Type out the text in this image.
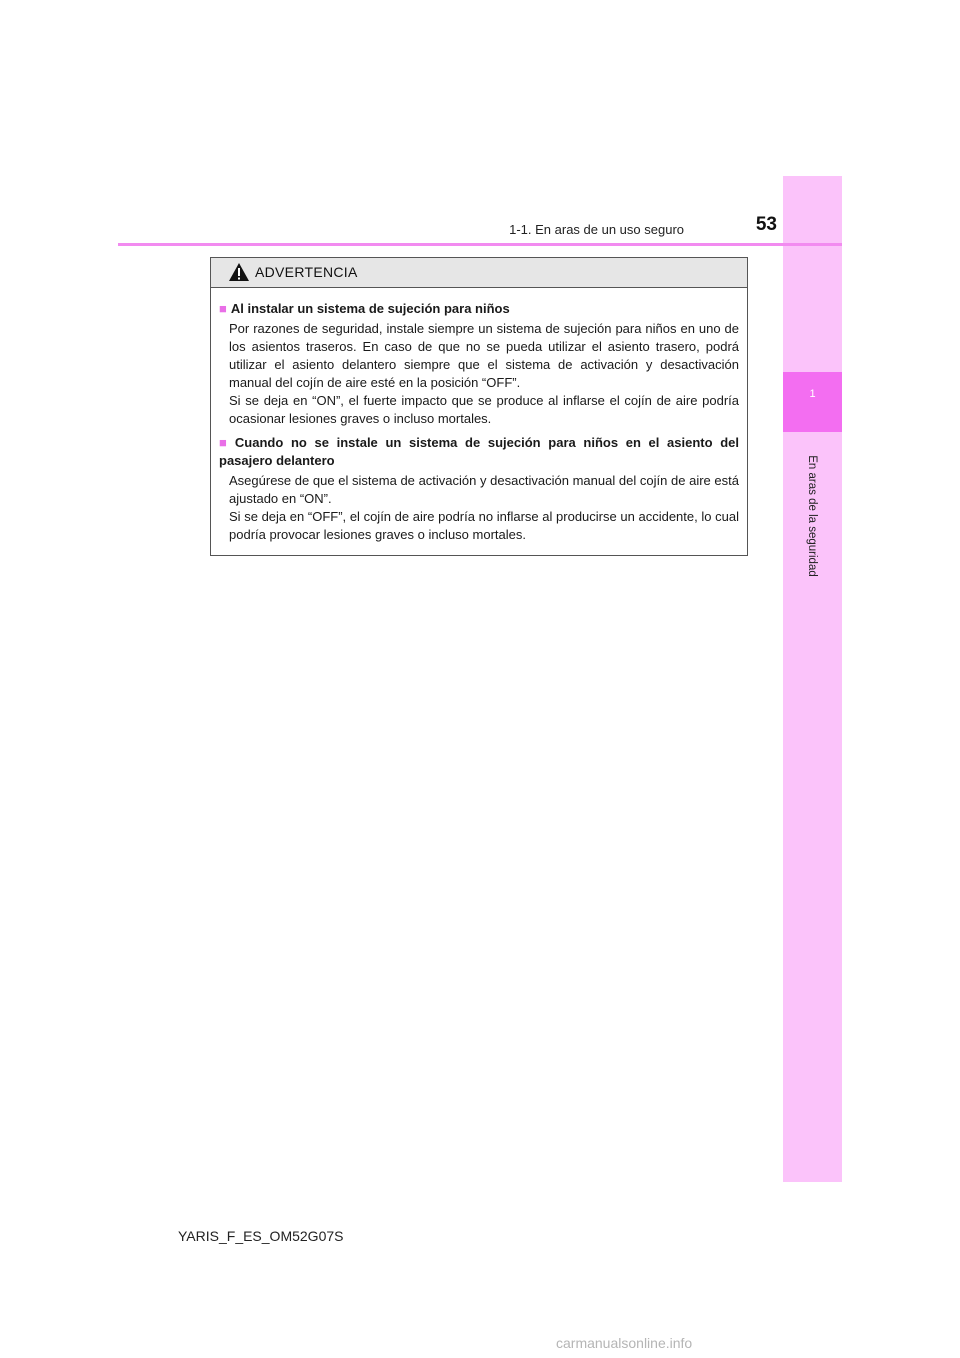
1
En aras de la seguridad
1-1. En aras de un uso seguro	53
ADVERTENCIA
■ Al instalar un sistema de sujeción para niños

Por razones de seguridad, instale siempre un sistema de sujeción para niños en uno de los asientos traseros. En caso de que no se pueda utilizar el asiento trasero, podrá utilizar el asiento delantero siempre que el sistema de activación y desactivación manual del cojín de aire esté en la posición “OFF”.

Si se deja en “ON”, el fuerte impacto que se produce al inflarse el cojín de aire podría ocasionar lesiones graves o incluso mortales.

■ Cuando no se instale un sistema de sujeción para niños en el asiento del pasajero delantero

Asegúrese de que el sistema de activación y desactivación manual del cojín de aire está ajustado en “ON”.

Si se deja en “OFF”, el cojín de aire podría no inflarse al producirse un accidente, lo cual podría provocar lesiones graves o incluso mortales.

YARIS_F_ES_OM52G07S
carmanualsonline.info
